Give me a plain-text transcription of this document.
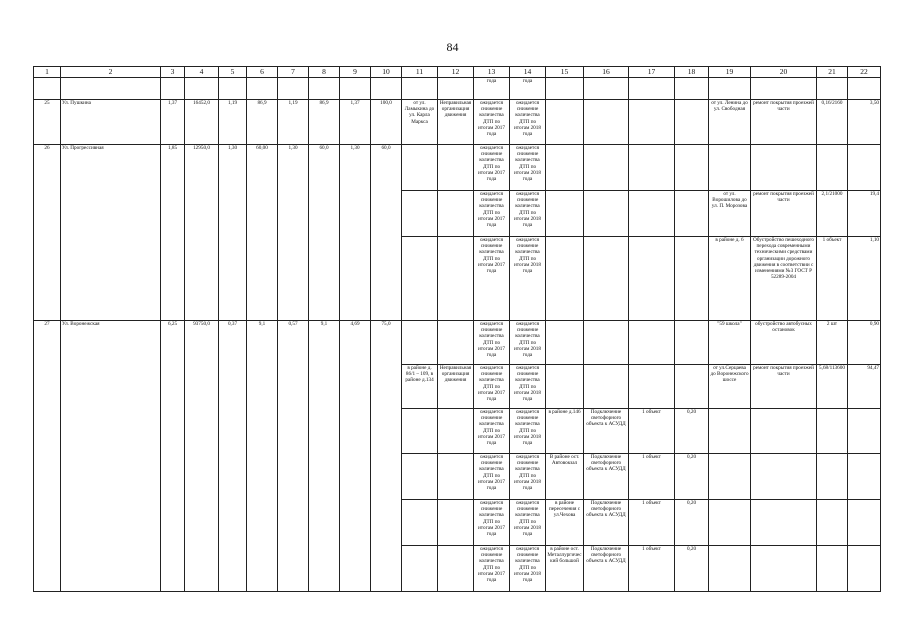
84
1	2	3	4	5	6	7	8	9	10	11	12	13	14	15	16	17	18	19	20	21	22
												года	года								
25	Ул. Пушкина	1,37	16452,0	1,19	86,9	1,19	86,9	1,37	100,0	от ул. Ламыкина до ул. Карла Маркса	Неправильная организация движения	ожидается снижение количества ДТП по итогам 2017 года	ожидается снижение количества ДТП по итогам 2018 года					от ул. Ленина до ул. Свободная	ремонт покрытия проезжей части	0,16/2160	3,50
26	Ул. Прогрессивная	1,85	12950,0	1,30	60,00	1,30	60,0	1,30	60,0			ожидается снижение количества ДТП по итогам 2017 года	ожидается снижение количества ДТП по итогам 2018 года								
												ожидается снижение количества ДТП по итогам 2017 года	ожидается снижение количества ДТП по итогам 2018 года					от ул. Ворошилова до ул. П. Морозова	ремонт покрытия проезжей части	2,1/21000	19,4
												ожидается снижение количества ДТП по итогам 2017 года	ожидается снижение количества ДТП по итогам 2018 года					в районе д. 6	Обустройство пешеходного перехода современными техническими средствами организации дорожного движения в соответствии с изменениями №3 ГОСТ Р 52289-2004	1 объект	1,10
27	Ул. Воронежская	6,25	93750,0	0,37	9,1	0,57	9,1	4,69	75,0			ожидается снижение количества ДТП по итогам 2017 года	ожидается снижение количества ДТП по итогам 2018 года					"59 школа"	обустройство автобусных остановок	2 шт	0,90
										в районе д. 86/1 – 109, в районе д.134	Неправильная организация движения	ожидается снижение количества ДТП по итогам 2017 года	ожидается снижение количества ДТП по итогам 2018 года					от ул.Серцаева до Воронежского шоссе	ремонт покрытия проезжей части	5,68/113600	94,47
												ожидается снижение количества ДТП по итогам 2017 года	ожидается снижение количества ДТП по итогам 2018 года	в районе д.146	Подключение светофорного объекта к АСУДД	1 объект	0,20				
												ожидается снижение количества ДТП по итогам 2017 года	ожидается снижение количества ДТП по итогам 2018 года	В районе ост. Автовокзал	Подключение светофорного объекта к АСУДД	1 объект	0,20				
												ожидается снижение количества ДТП по итогам 2017 года	ожидается снижение количества ДТП по итогам 2018 года	в районе пересечения с ул.Чехова	Подключение светофорного объекта к АСУДД	1 объект	0,20				
												ожидается снижение количества ДТП по итогам 2017 года	ожидается снижение количества ДТП по итогам 2018 года	в районе ост. Металлургический большой	Подключение светофорного объекта к АСУДД	1 объект	0,20				
